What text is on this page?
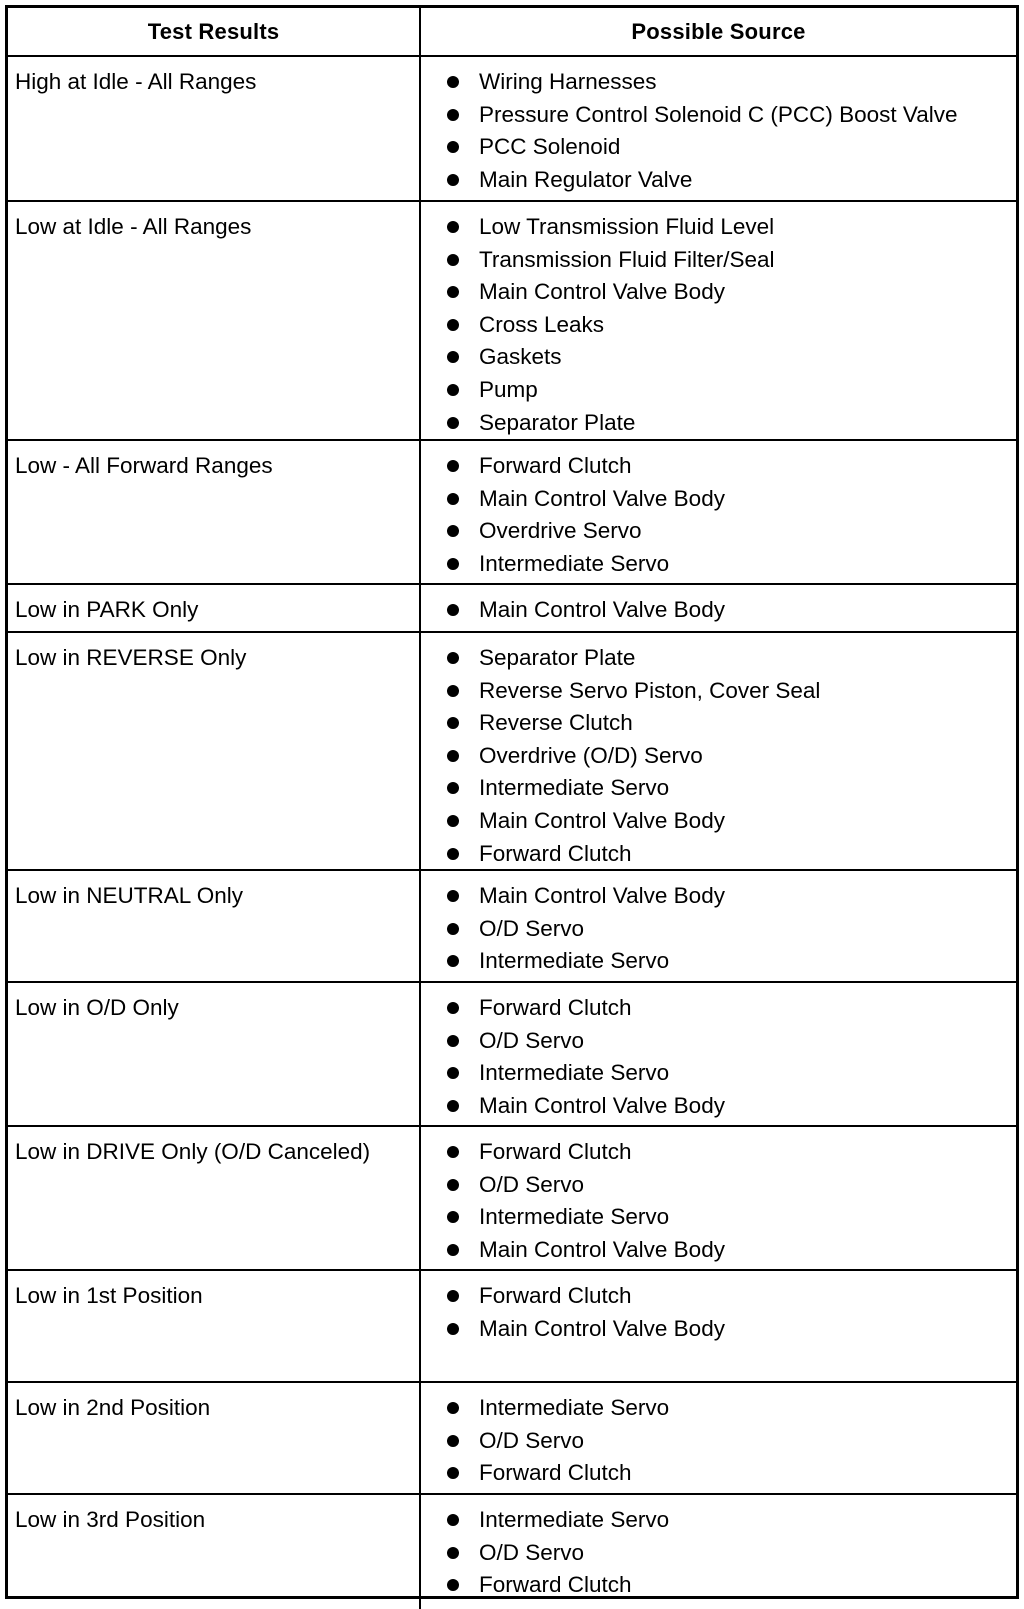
Test Results	Possible Source
High at Idle - All Ranges	Wiring Harnesses
Pressure Control Solenoid C (PCC) Boost Valve
PCC Solenoid
Main Regulator Valve
Low at Idle - All Ranges	Low Transmission Fluid Level
Transmission Fluid Filter/Seal
Main Control Valve Body
Cross Leaks
Gaskets
Pump
Separator Plate
Low - All Forward Ranges	Forward Clutch
Main Control Valve Body
Overdrive Servo
Intermediate Servo
Low in PARK Only	Main Control Valve Body
Low in REVERSE Only	Separator Plate
Reverse Servo Piston, Cover Seal
Reverse Clutch
Overdrive (O/D) Servo
Intermediate Servo
Main Control Valve Body
Forward Clutch
Low in NEUTRAL Only	Main Control Valve Body
O/D Servo
Intermediate Servo
Low in O/D Only	Forward Clutch
O/D Servo
Intermediate Servo
Main Control Valve Body
Low in DRIVE Only (O/D Canceled)	Forward Clutch
O/D Servo
Intermediate Servo
Main Control Valve Body
Low in 1st Position	Forward Clutch
Main Control Valve Body
Low in 2nd Position	Intermediate Servo
O/D Servo
Forward Clutch
Low in 3rd Position	Intermediate Servo
O/D Servo
Forward Clutch
